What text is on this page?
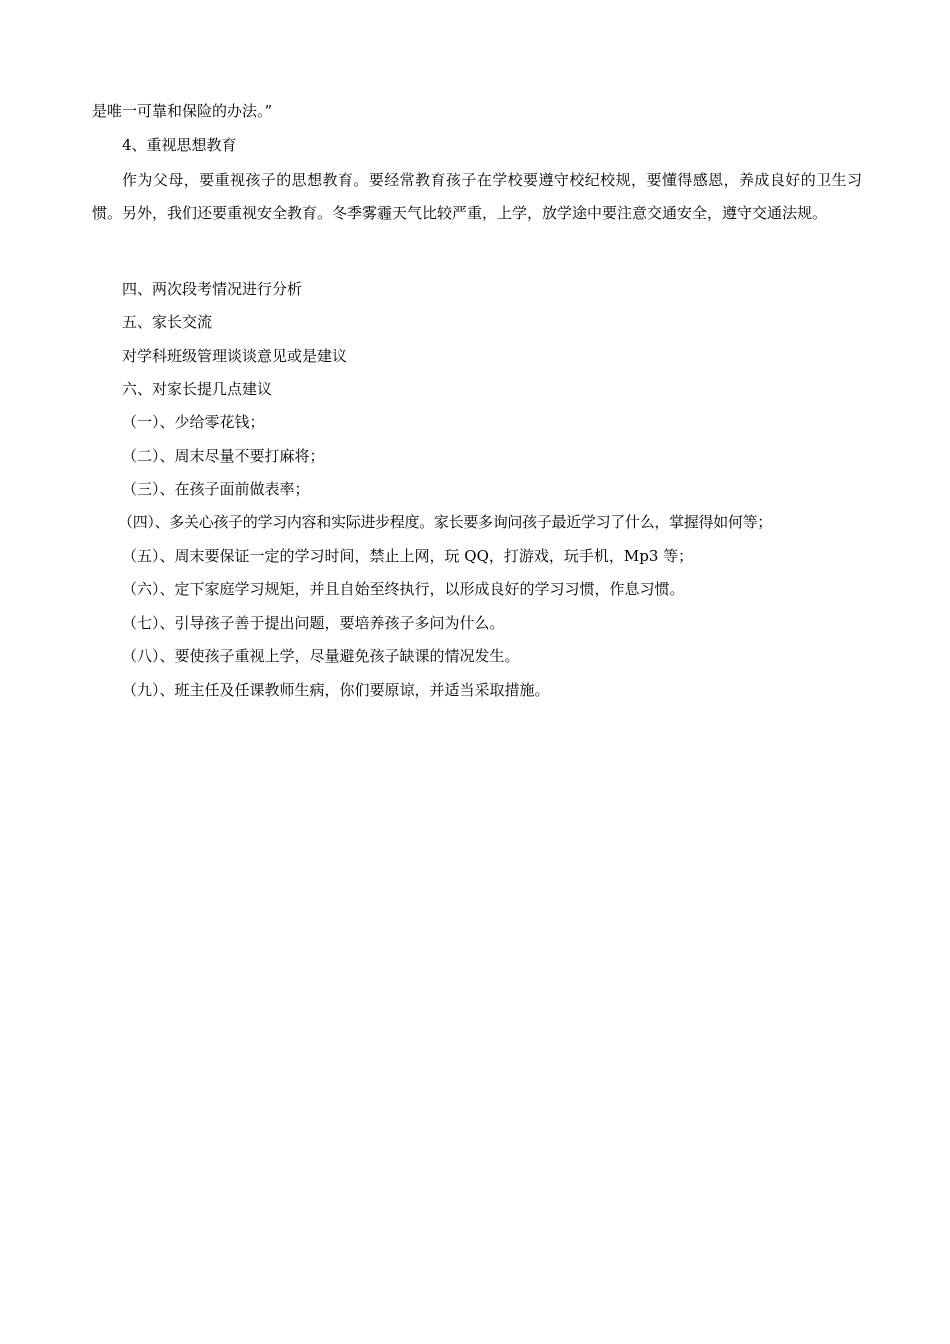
是唯一可靠和保险的办法。”
4、重视思想教育
作为父母，要重视孩子的思想教育。要经常教育孩子在学校要遵守校纪校规，要懂得感恩，养成良好的卫生习惯。另外，我们还要重视安全教育。冬季雾霾天气比较严重，上学，放学途中要注意交通安全，遵守交通法规。
四、两次段考情况进行分析
五、家长交流
对学科班级管理谈谈意见或是建议
六、对家长提几点建议
（一）、少给零花钱；
（二）、周末尽量不要打麻将；
（三）、在孩子面前做表率；
（四）、多关心孩子的学习内容和实际进步程度。家长要多询问孩子最近学习了什么，掌握得如何等；
（五）、周末要保证一定的学习时间，禁止上网，玩 QQ，打游戏，玩手机，Mp3 等；
（六）、定下家庭学习规矩，并且自始至终执行，以形成良好的学习习惯，作息习惯。
（七）、引导孩子善于提出问题，要培养孩子多问为什么。
（八）、要使孩子重视上学，尽量避免孩子缺课的情况发生。
（九）、班主任及任课教师生病，你们要原谅，并适当采取措施。
